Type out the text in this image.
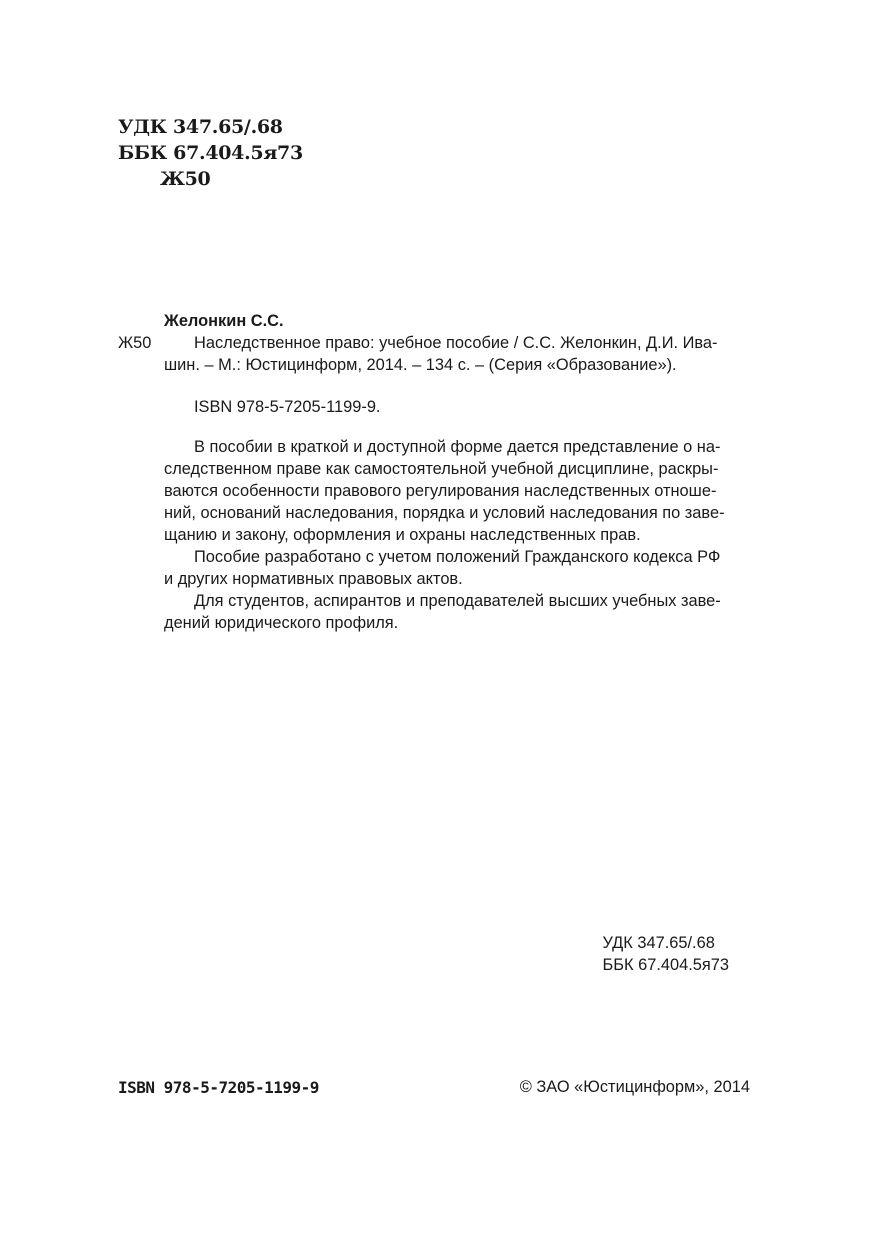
УДК 347.65/.68
ББК 67.404.5я73
Ж50
Желонкин С.С.
Ж50	Наследственное право: учебное пособие / С.С. Желонкин, Д.И. Ива-
шин. – М.: Юстицинформ, 2014. – 134 с. – (Серия «Образование»).
ISBN 978-5-7205-1199-9.
В пособии в краткой и доступной форме дается представление о на-
следственном праве как самостоятельной учебной дисциплине, раскры-
ваются особенности правового регулирования наследственных отноше-
ний, оснований наследования, порядка и условий наследования по заве-
щанию и закону, оформления и охраны наследственных прав.
Пособие разработано с учетом положений Гражданского кодекса РФ
и других нормативных правовых актов.
Для студентов, аспирантов и преподавателей высших учебных заве-
дений юридического профиля.
УДК 347.65/.68
ББК 67.404.5я73
ISBN 978-5-7205-1199-9	© ЗАО «Юстицинформ», 2014
